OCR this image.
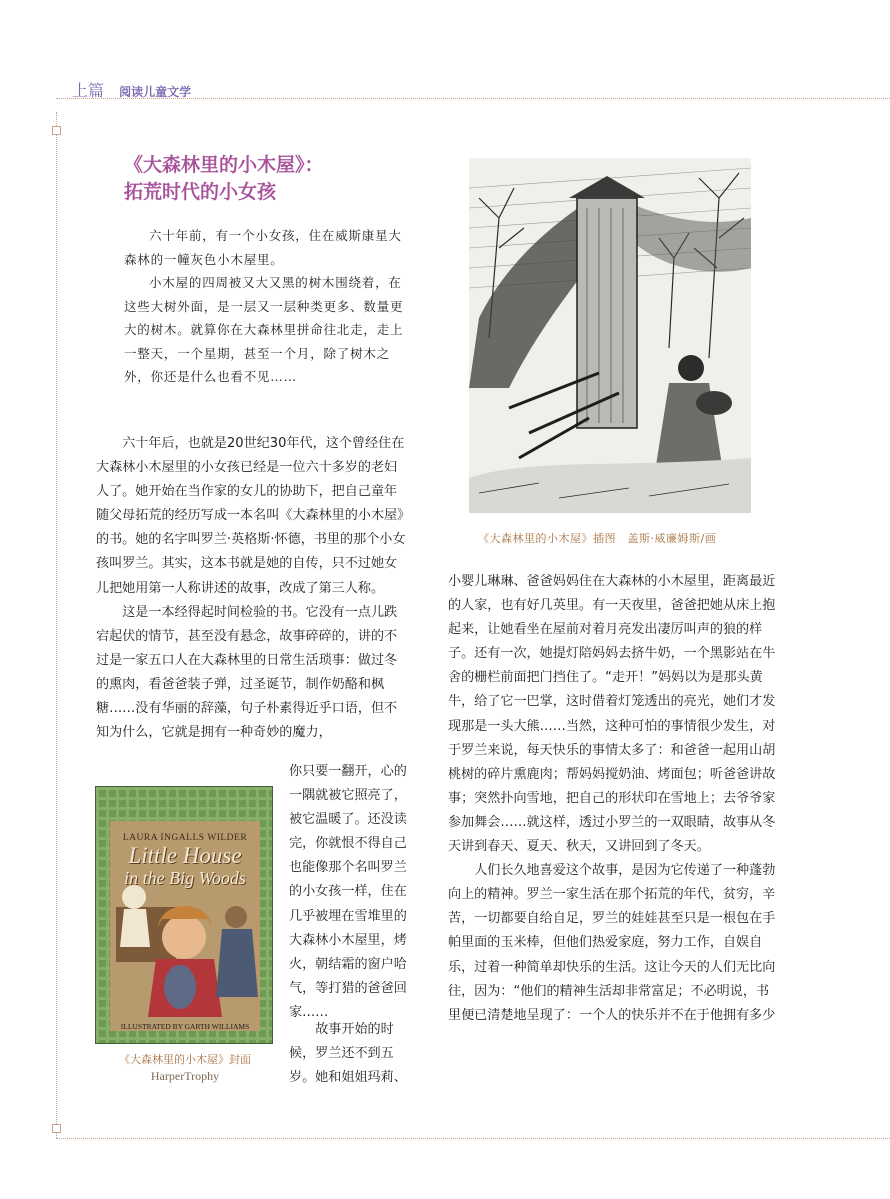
上篇 阅读儿童文学
《大森林里的小木屋》：
拓荒时代的小女孩

六十年前，有一个小女孩，住在威斯康星大森林的一幢灰色小木屋里。

小木屋的四周被又大又黑的树木围绕着，在这些大树外面，是一层又一层种类更多、数量更大的树木。就算你在大森林里拼命往北走，走上一整天，一个星期，甚至一个月，除了树木之外，你还是什么也看不见……

《大森林里的小木屋》插图　盖斯·威廉姆斯/画

六十年后，也就是20世纪30年代，这个曾经住在大森林小木屋里的小女孩已经是一位六十多岁的老妇人了。她开始在当作家的女儿的协助下，把自己童年随父母拓荒的经历写成一本名叫《大森林里的小木屋》的书。她的名字叫罗兰·英格斯·怀德，书里的那个小女孩叫罗兰。其实，这本书就是她的自传，只不过她女儿把她用第一人称讲述的故事，改成了第三人称。

这是一本经得起时间检验的书。它没有一点儿跌宕起伏的情节，甚至没有悬念，故事碎碎的，讲的不过是一家五口人在大森林里的日常生活琐事：做过冬的熏肉，看爸爸装子弹，过圣诞节，制作奶酪和枫糖……没有华丽的辞藻，句子朴素得近乎口语，但不知为什么，它就是拥有一种奇妙的魔力，

你只要一翻开，心的一隅就被它照亮了，被它温暖了。还没读完，你就恨不得自己也能像那个名叫罗兰的小女孩一样，住在几乎被埋在雪堆里的大森林小木屋里，烤火，朝结霜的窗户哈气，等打猎的爸爸回家……

故事开始的时候，罗兰还不到五岁。她和姐姐玛莉、

LAURA INGALLS WILDER
Little House
in the Big Woods
ILLUSTRATED BY GARTH WILLIAMS
《大森林里的小木屋》封面
HarperTrophy

小婴儿琳琳、爸爸妈妈住在大森林的小木屋里，距离最近的人家，也有好几英里。有一天夜里，爸爸把她从床上抱起来，让她看坐在屋前对着月亮发出凄厉叫声的狼的样子。还有一次，她提灯陪妈妈去挤牛奶，一个黑影站在牛舍的栅栏前面把门挡住了。“走开！”妈妈以为是那头黄牛，给了它一巴掌，这时借着灯笼透出的亮光，她们才发现那是一头大熊……当然，这种可怕的事情很少发生，对于罗兰来说，每天快乐的事情太多了：和爸爸一起用山胡桃树的碎片熏鹿肉；帮妈妈搅奶油、烤面包；听爸爸讲故事；突然扑向雪地，把自己的形状印在雪地上；去爷爷家参加舞会……就这样，透过小罗兰的一双眼睛，故事从冬天讲到春天、夏天、秋天，又讲回到了冬天。

人们长久地喜爱这个故事，是因为它传递了一种蓬勃向上的精神。罗兰一家生活在那个拓荒的年代，贫穷，辛苦，一切都要自给自足，罗兰的娃娃甚至只是一根包在手帕里面的玉米棒，但他们热爱家庭，努力工作，自娱自乐，过着一种简单却快乐的生活。这让今天的人们无比向往，因为：“他们的精神生活却非常富足；不必明说，书里便已清楚地呈现了：一个人的快乐并不在于他拥有多少
